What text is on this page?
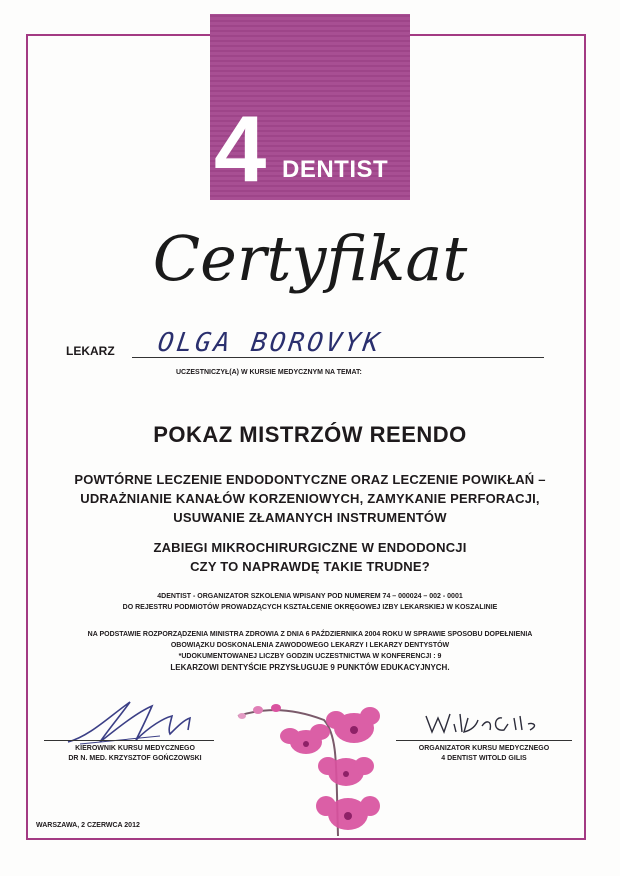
4 DENTIST
Certyfikat
LEKARZ OLGA BOROVYK
UCZESTNICZYŁ(A) W KURSIE MEDYCZNYM NA TEMAT:
POKAZ MISTRZÓW REENDO
POWTÓRNE LECZENIE ENDODONTYCZNE ORAZ LECZENIE POWIKŁAŃ –
UDRAŻNIANIE KANAŁÓW KORZENIOWYCH, ZAMYKANIE PERFORACJI,
USUWANIE ZŁAMANYCH INSTRUMENTÓW
ZABIEGI MIKROCHIRURGICZNE W ENDODONCJI
CZY TO NAPRAWDĘ TAKIE TRUDNE?
4DENTIST - ORGANIZATOR SZKOLENIA WPISANY POD NUMEREM 74 – 000024 – 002 - 0001
DO REJESTRU PODMIOTÓW PROWADZĄCYCH KSZTAŁCENIE OKRĘGOWEJ IZBY LEKARSKIEJ W KOSZALINIE
NA PODSTAWIE ROZPORZĄDZENIA MINISTRA ZDROWIA Z DNIA 6 PAŹDZIERNIKA 2004 ROKU W SPRAWIE SPOSOBU DOPEŁNIENIA
OBOWIĄZKU DOSKONALENIA ZAWODOWEGO LEKARZY I LEKARZY DENTYSTÓW
*UDOKUMENTOWANEJ LICZBY GODZIN UCZESTNICTWA W KONFERENCJI : 9
LEKARZOWI DENTYŚCIE PRZYSŁUGUJE 9 PUNKTÓW EDUKACYJNYCH.
KIEROWNIK KURSU MEDYCZNEGO
DR N. MED. KRZYSZTOF GOŃCZOWSKI
ORGANIZATOR KURSU MEDYCZNEGO
4 DENTIST WITOLD GILIS
WARSZAWA, 2 CZERWCA 2012
